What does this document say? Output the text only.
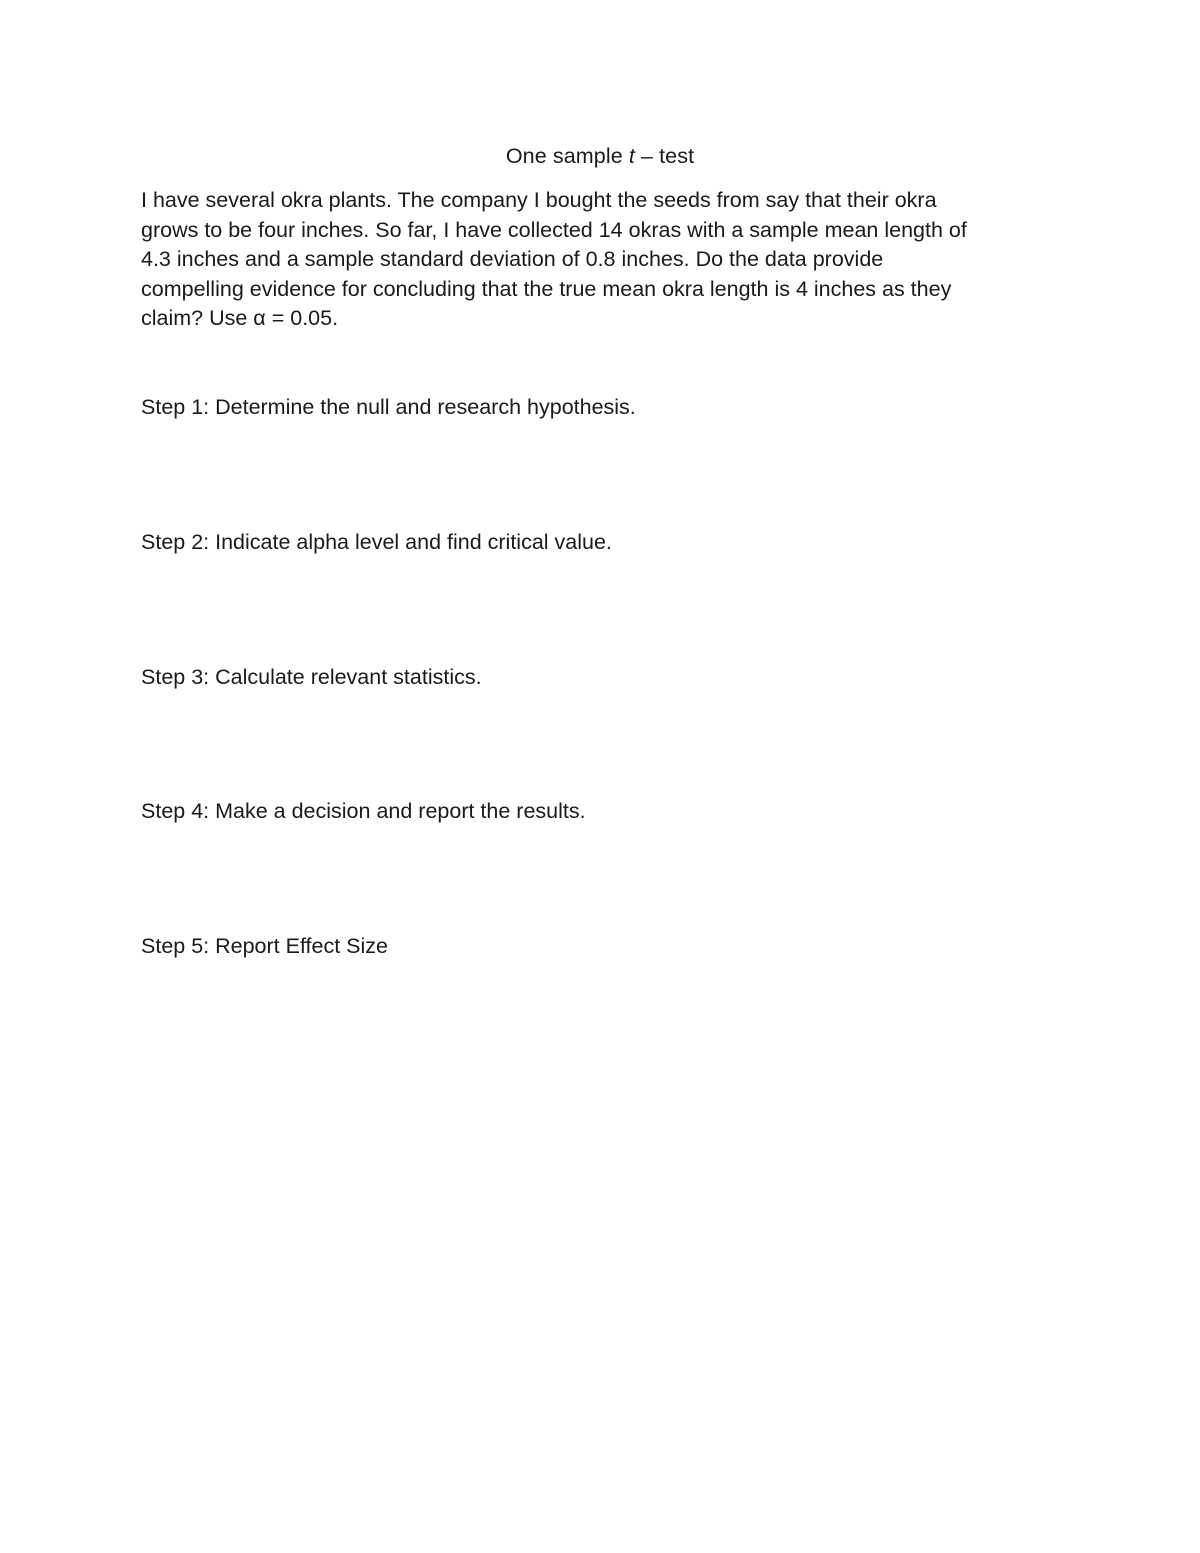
One sample t – test

I have several okra plants. The company I bought the seeds from say that their okra
grows to be four inches. So far, I have collected 14 okras with a sample mean length of
4.3 inches and a sample standard deviation of 0.8 inches. Do the data provide
compelling evidence for concluding that the true mean okra length is 4 inches as they
claim? Use α = 0.05.

Step 1: Determine the null and research hypothesis.

Step 2: Indicate alpha level and find critical value.

Step 3: Calculate relevant statistics.

Step 4: Make a decision and report the results.

Step 5: Report Effect Size
